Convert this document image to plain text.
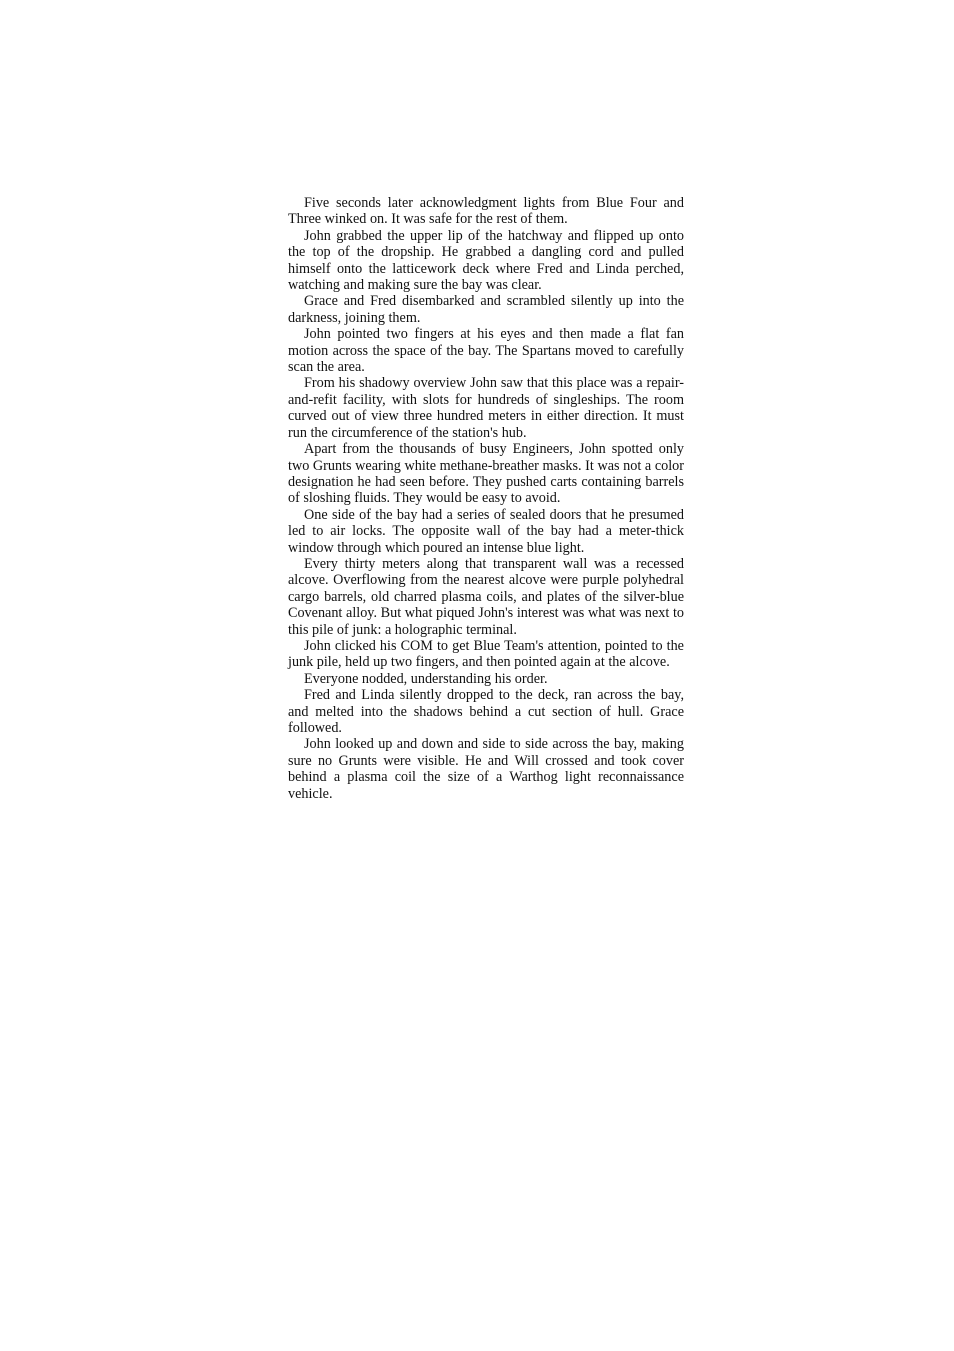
Five seconds later acknowledgment lights from Blue Four and Three winked on. It was safe for the rest of them.

John grabbed the upper lip of the hatchway and flipped up onto the top of the dropship. He grabbed a dangling cord and pulled himself onto the latticework deck where Fred and Linda perched, watching and making sure the bay was clear.

Grace and Fred disembarked and scrambled silently up into the darkness, joining them.

John pointed two fingers at his eyes and then made a flat fan motion across the space of the bay. The Spartans moved to carefully scan the area.

From his shadowy overview John saw that this place was a repair-and-refit facility, with slots for hundreds of singleships. The room curved out of view three hundred meters in either direction. It must run the circumference of the station's hub.

Apart from the thousands of busy Engineers, John spotted only two Grunts wearing white methane-breather masks. It was not a color designation he had seen before. They pushed carts containing barrels of sloshing fluids. They would be easy to avoid.

One side of the bay had a series of sealed doors that he presumed led to air locks. The opposite wall of the bay had a meter-thick window through which poured an intense blue light.

Every thirty meters along that transparent wall was a recessed alcove. Overflowing from the nearest alcove were purple polyhedral cargo barrels, old charred plasma coils, and plates of the silver-blue Covenant alloy. But what piqued John's interest was what was next to this pile of junk: a holographic terminal.

John clicked his COM to get Blue Team's attention, pointed to the junk pile, held up two fingers, and then pointed again at the alcove.

Everyone nodded, understanding his order.

Fred and Linda silently dropped to the deck, ran across the bay, and melted into the shadows behind a cut section of hull. Grace followed.

John looked up and down and side to side across the bay, making sure no Grunts were visible. He and Will crossed and took cover behind a plasma coil the size of a Warthog light reconnaissance vehicle.
